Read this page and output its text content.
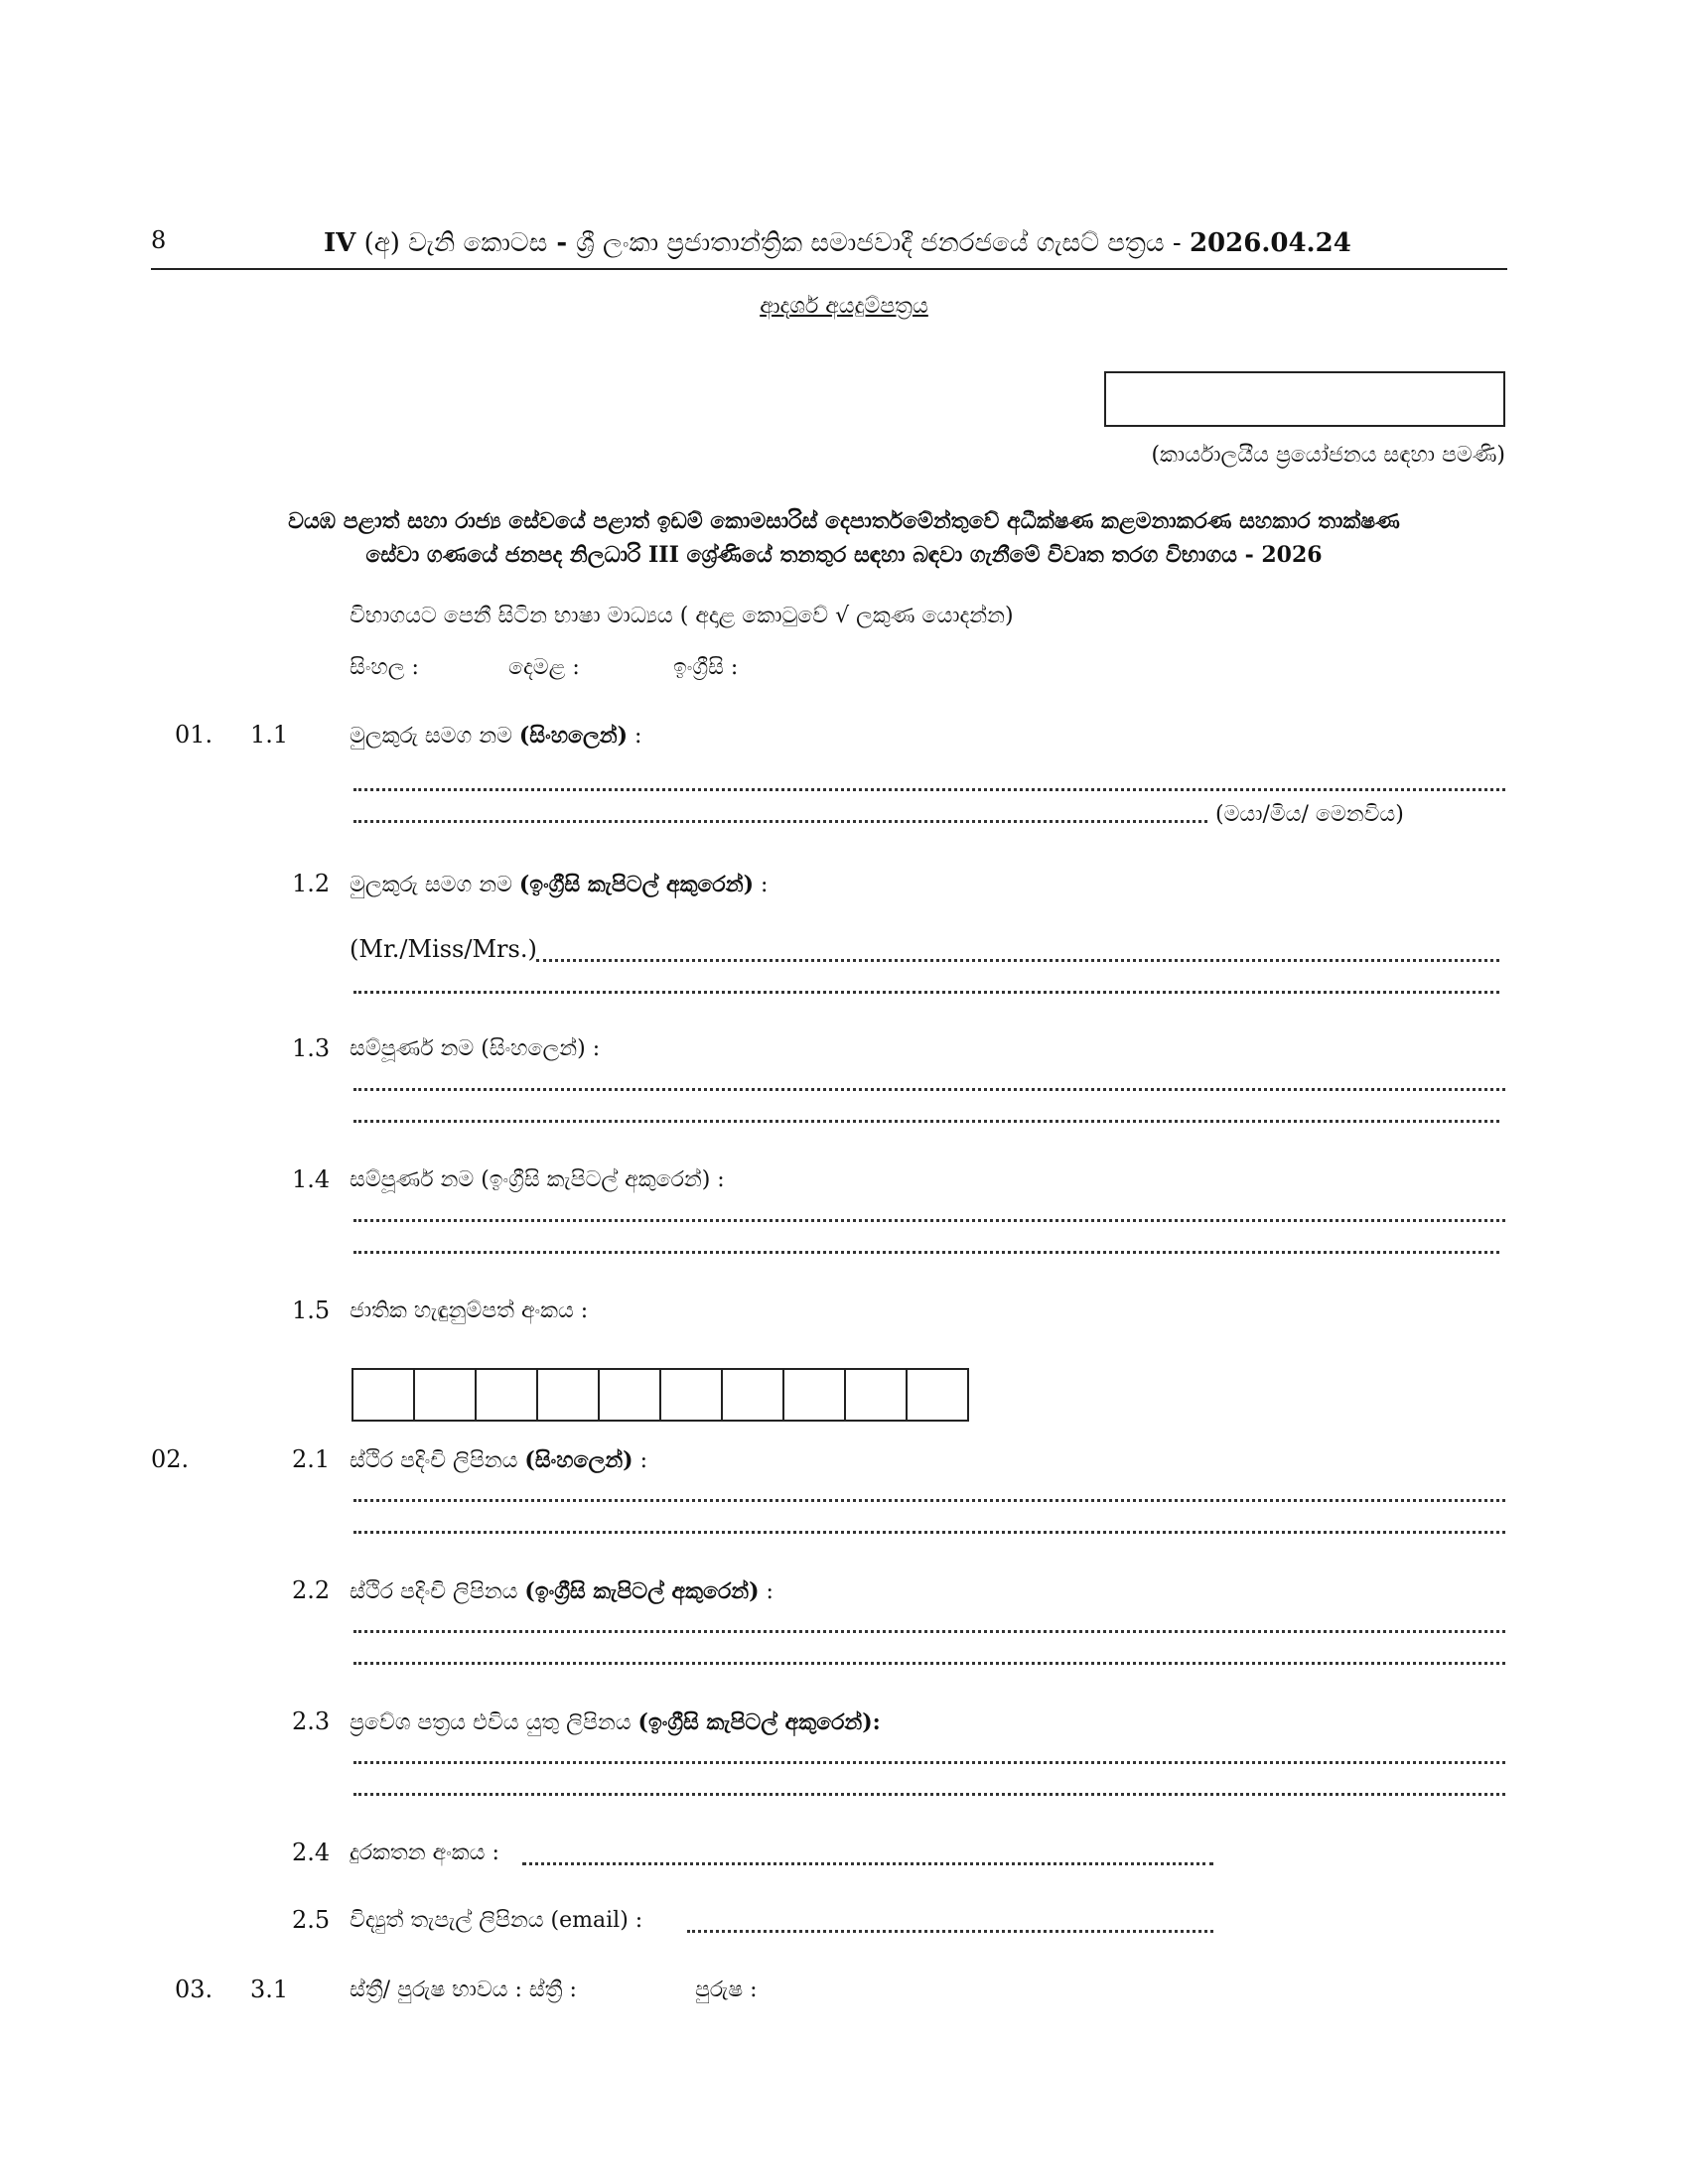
8	IV (අ) වැනි කොටස - ශ්‍රී ලංකා ප්‍රජාතාන්ත්‍රික සමාජවාදී ජනරජයේ ගැසට් පත්‍රය - 2026.04.24
ආදර්ශ අයදුම්පත්‍රය
(කාර්යාලයීය ප්‍රයෝජනය සඳහා පමණි)
වයඹ පළාත් සහා රාජ්‍ය සේවයේ පළාත් ඉඩම් කොමසාරිස් දෙපාර්තමේන්තුවේ අධීක්ෂණ කළමනාකරණ සහකාර තාක්ෂණ
සේවා ගණයේ ජනපද නිලධාරි III ශ්‍රේණියේ තනතුර සඳහා බඳවා ගැනීමේ විවෘත තරග විභාගය - 2026
විභාගයට පෙනී සිටින භාෂා මාධ්‍යය ( අදාළ කොටුවේ √ ලකුණ යොදන්න)
සිංහල :	දෙමළ :	ඉංග්‍රීසි :
01. 1.1	මුලකුරු සමග නම (සිංහලෙන්) :
(මයා/මිය/ මෙනවිය)
1.2 මුලකුරු සමග නම (ඉංග්‍රීසි කැපිටල් අකුරෙන්) :
(Mr./Miss/Mrs.)
1.3 සම්පූර්ණ නම (සිංහලෙන්) :
1.4 සම්පූර්ණ නම (ඉංග්‍රීසි කැපිටල් අකුරෙන්) :
1.5 ජාතික හැඳුනුම්පත් අංකය :
02.	2.1 ස්ථිර පදිංචි ලිපිනය (සිංහලෙන්) :
2.2 ස්ථිර පදිංචි ලිපිනය (ඉංග්‍රීසි කැපිටල් අකුරෙන්) :
2.3 ප්‍රවේශ පත්‍රය එවිය යුතු ලිපිනය (ඉංග්‍රීසි කැපිටල් අකුරෙන්):
2.4 දුරකතන අංකය :
2.5 විද්‍යුත් තැපැල් ලිපිනය (email) :
03. 3.1	ස්ත්‍රී/ පුරුෂ භාවය : ස්ත්‍රී :	පුරුෂ :
